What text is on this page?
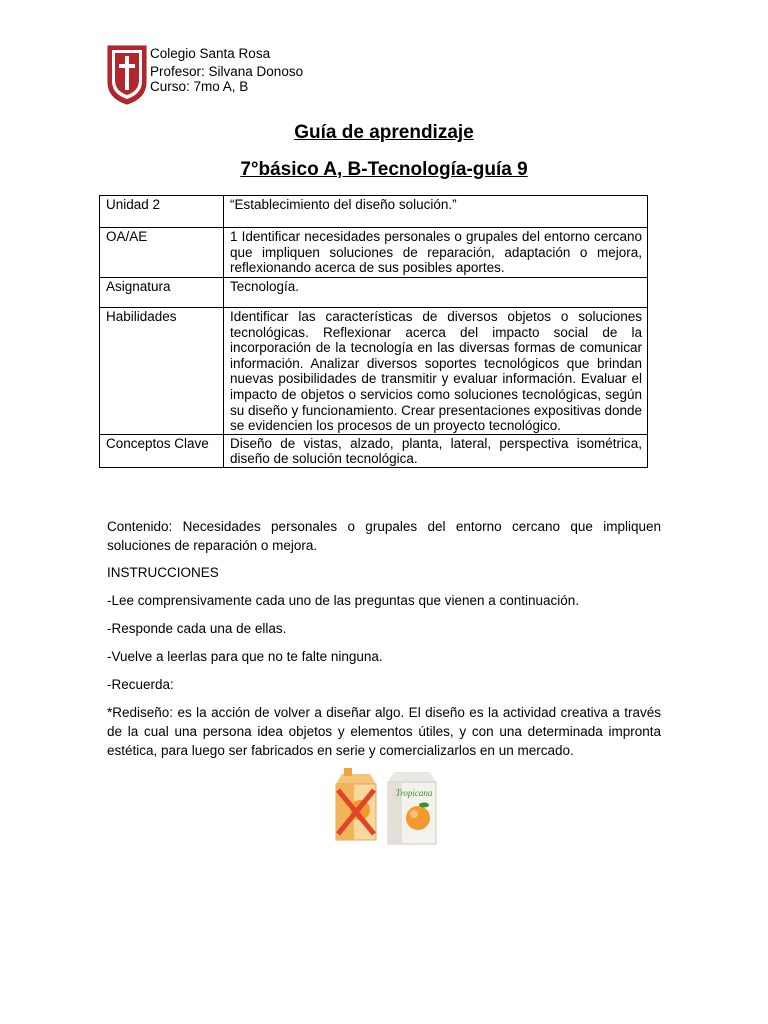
Colegio Santa Rosa
Profesor: Silvana Donoso
Curso: 7mo A, B
Guía de aprendizaje
7°básico A, B-Tecnología-guía 9
Unidad 2	“Establecimiento del diseño solución.”
OA/AE	1 Identificar necesidades personales o grupales del entorno cercano que impliquen soluciones de reparación, adaptación o mejora, reflexionando acerca de sus posibles aportes.
Asignatura	Tecnología.
Habilidades	Identificar las características de diversos objetos o soluciones tecnológicas. Reflexionar acerca del impacto social de la incorporación de la tecnología en las diversas formas de comunicar información. Analizar diversos soportes tecnológicos que brindan nuevas posibilidades de transmitir y evaluar información. Evaluar el impacto de objetos o servicios como soluciones tecnológicas, según su diseño y funcionamiento. Crear presentaciones expositivas donde se evidencien los procesos de un proyecto tecnológico.
Conceptos Clave	Diseño de vistas, alzado, planta, lateral, perspectiva isométrica, diseño de solución tecnológica.
Contenido: Necesidades personales o grupales del entorno cercano que impliquen soluciones de reparación o mejora.
INSTRUCCIONES
-Lee comprensivamente cada uno de las preguntas que vienen a continuación.
-Responde cada una de ellas.
-Vuelve a leerlas para que no te falte ninguna.
-Recuerda:
*Rediseño: es la acción de volver a diseñar algo. El diseño es la actividad creativa a través de la cual una persona idea objetos y elementos útiles, y con una determinada impronta estética, para luego ser fabricados en serie y comercializarlos en un mercado.
Tropicana
